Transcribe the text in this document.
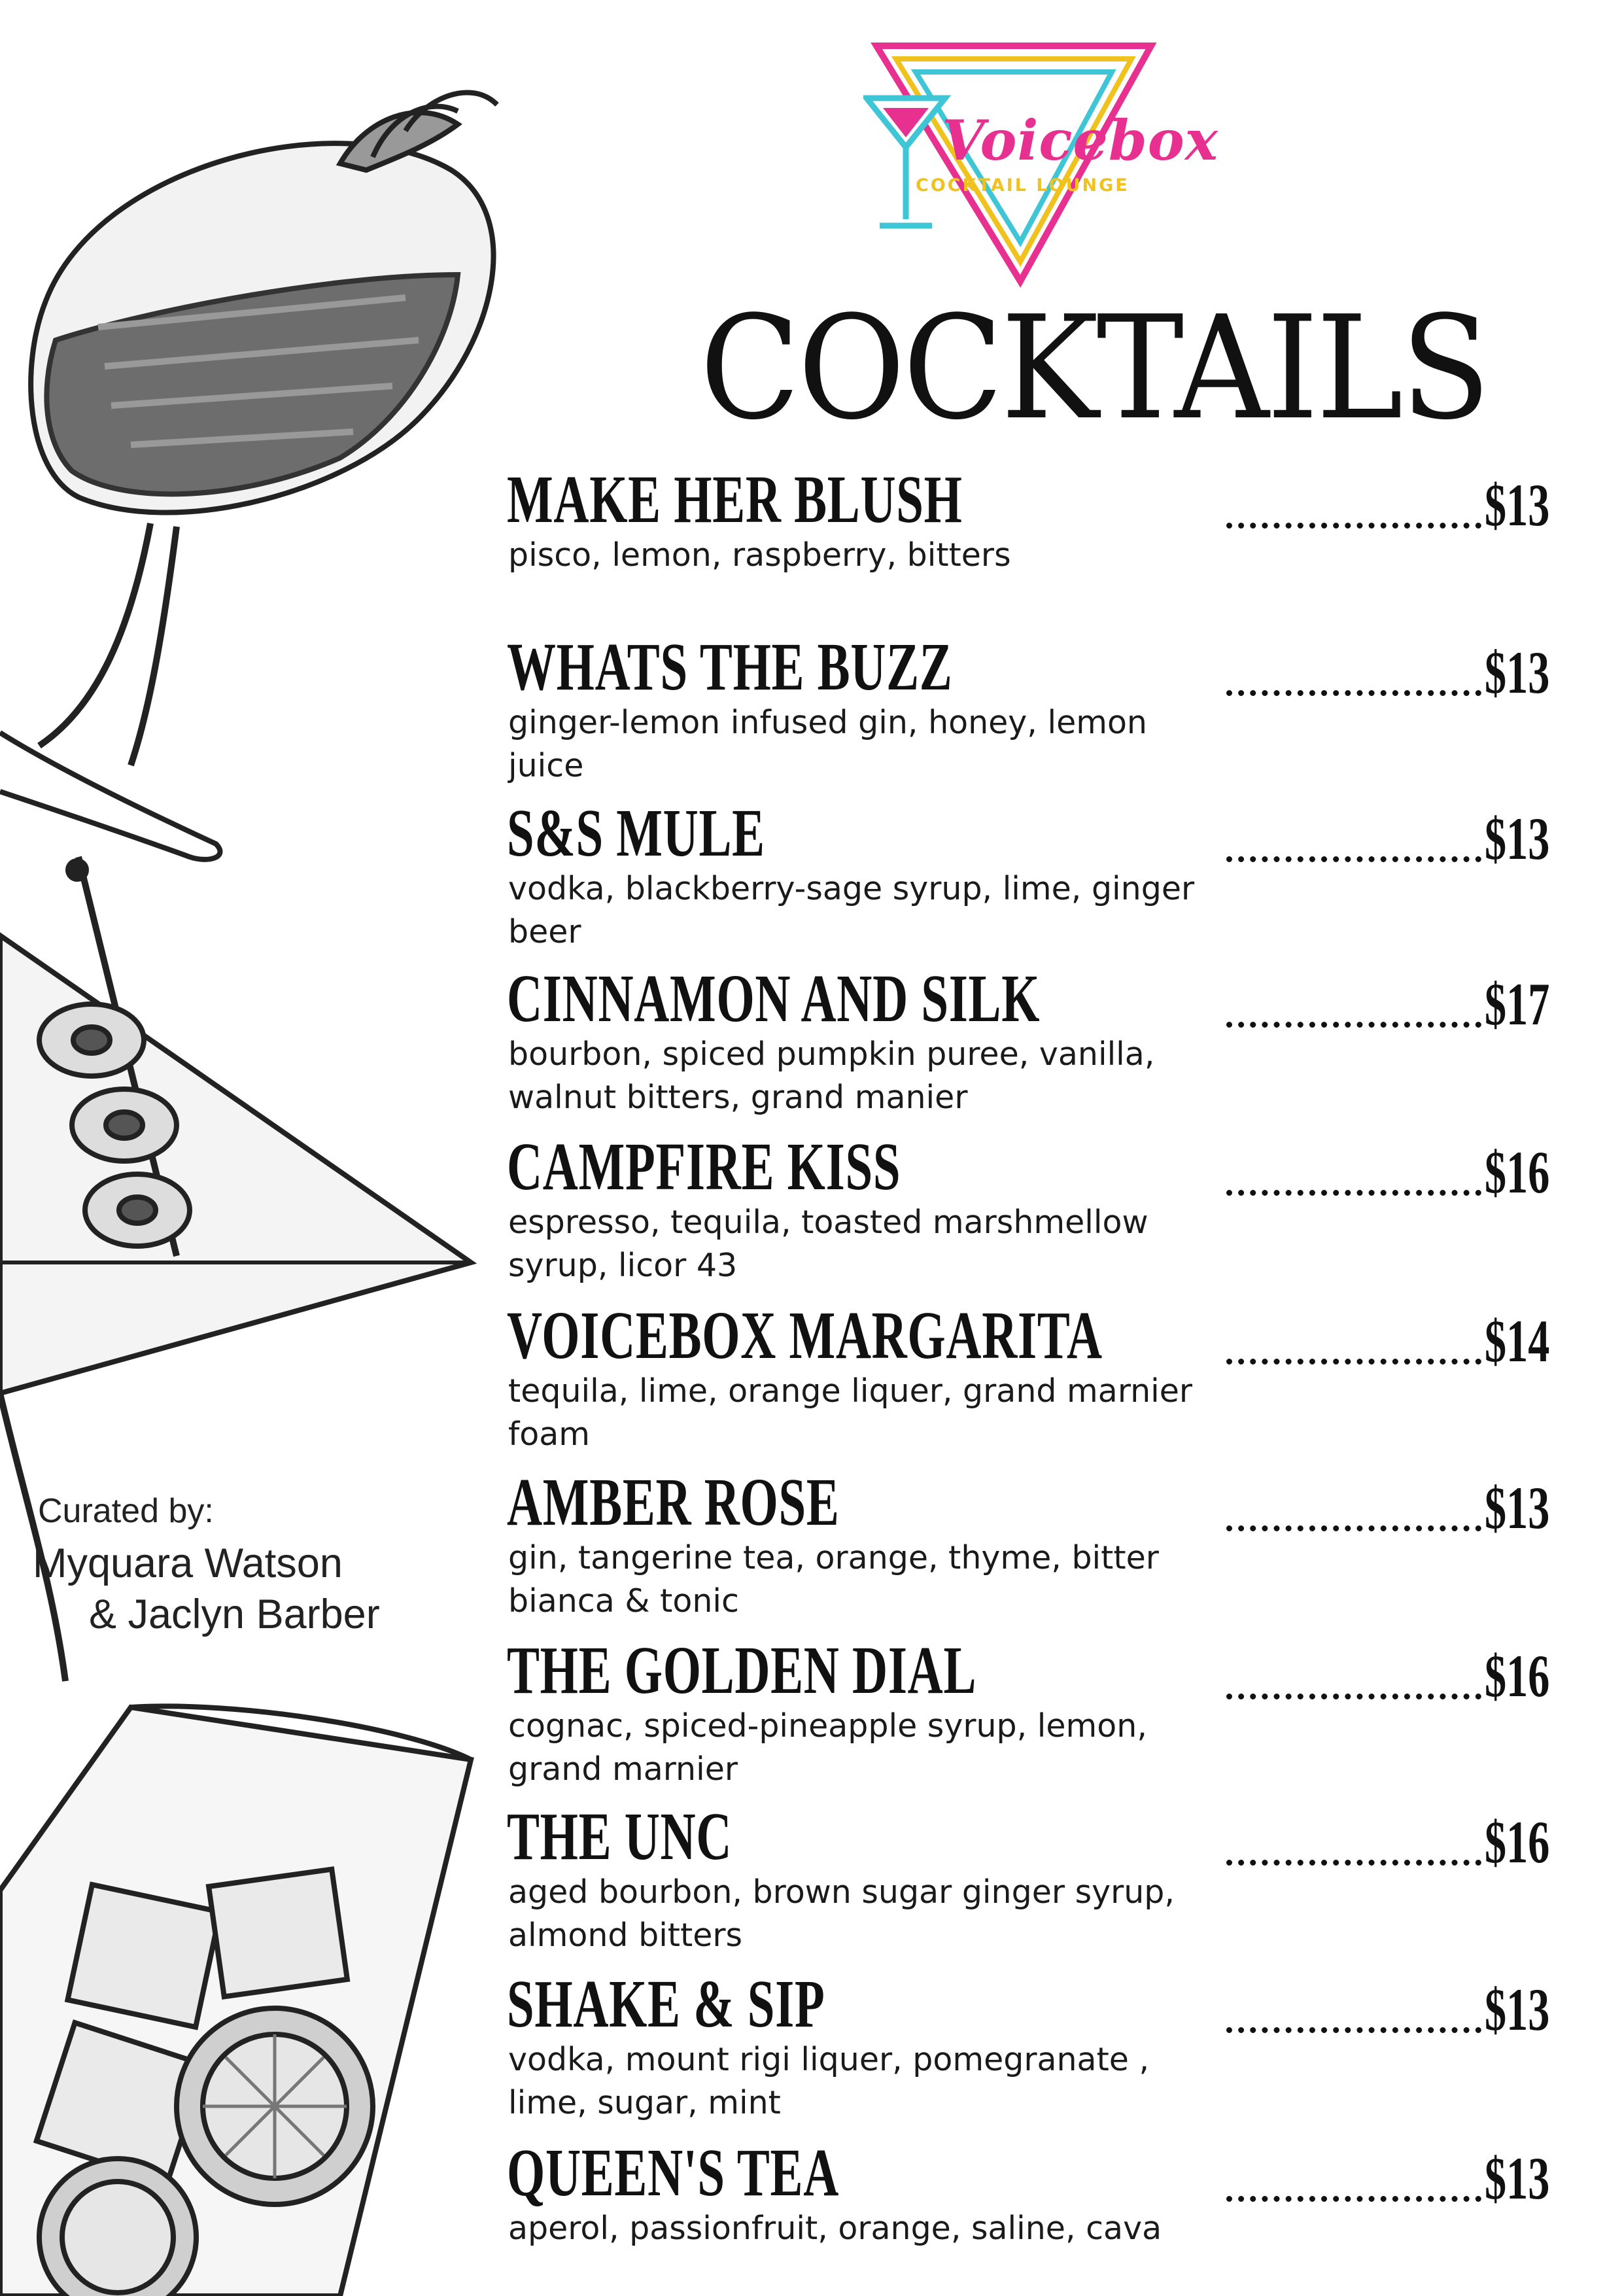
Voicebox
COCKTAIL LOUNGE
COCKTAILS
Curated by:
Myquara Watson
& Jaclyn Barber
MAKE HER BLUSH	$13
pisco, lemon, raspberry, bitters
WHATS THE BUZZ	$13
ginger-lemon infused gin, honey, lemon juice
S&S MULE	$13
vodka, blackberry-sage syrup, lime, ginger beer
CINNAMON AND SILK	$17
bourbon, spiced pumpkin puree, vanilla, walnut bitters, grand manier
CAMPFIRE KISS	$16
espresso, tequila, toasted marshmellow syrup, licor 43
VOICEBOX MARGARITA	$14
tequila, lime, orange liquer, grand marnier foam
AMBER ROSE	$13
gin, tangerine tea, orange, thyme, bitter bianca & tonic
THE GOLDEN DIAL	$16
cognac, spiced-pineapple syrup, lemon, grand marnier
THE UNC	$16
aged bourbon, brown sugar ginger syrup, almond bitters
SHAKE & SIP	$13
vodka, mount rigi liquer, pomegranate , lime, sugar, mint
QUEEN'S TEA	$13
aperol, passionfruit, orange, saline, cava
